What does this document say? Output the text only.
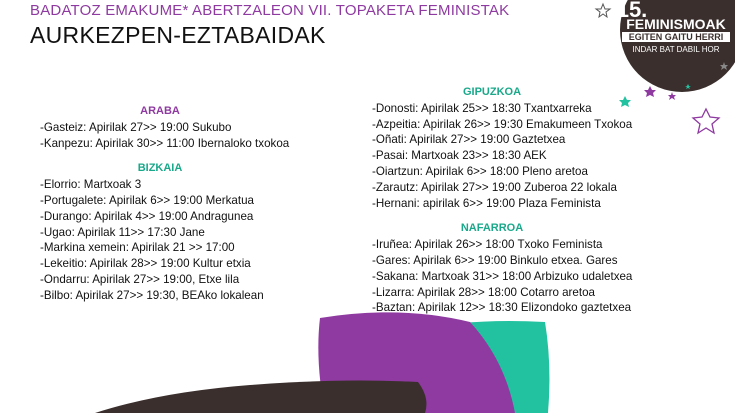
15.
FEMINISMOAK
EGITEN GAITU HERRI
INDAR BAT DABIL HOR
BADATOZ EMAKUME* ABERTZALEON VII. TOPAKETA FEMINISTAK
AURKEZPEN-EZTABAIDAK
ARABA
-Gasteiz: Apirilak 27>> 19:00 Sukubo
-Kanpezu: Apirilak 30>> 11:00 Ibernaloko txokoa
BIZKAIA
-Elorrio: Martxoak 3
-Portugalete: Apirilak 6>> 19:00 Merkatua
-Durango: Apirilak 4>> 19:00 Andragunea
-Ugao: Apirilak 11>> 17:30 Jane
-Markina xemein: Apirilak 21 >> 17:00
-Lekeitio: Apirilak 28>> 19:00 Kultur etxia
-Ondarru: Apirilak 27>> 19:00, Etxe lila
-Bilbo: Apirilak 27>> 19:30, BEAko lokalean
GIPUZKOA
-Donosti: Apirilak 25>> 18:30 Txantxarreka
-Azpeitia: Apirilak 26>> 19:30 Emakumeen Txokoa
-Oñati: Apirilak 27>> 19:00 Gaztetxea
-Pasai: Martxoak 23>> 18:30 AEK
-Oiartzun: Apirilak 6>> 18:00 Pleno aretoa
-Zarautz: Apirilak 27>> 19:00 Zuberoa 22 lokala
-Hernani: apirilak 6>> 19:00 Plaza Feminista
NAFARROA
-Iruñea: Apirilak 26>> 18:00 Txoko Feminista
-Gares: Apirilak 6>> 19:00 Binkulo etxea. Gares
-Sakana: Martxoak 31>> 18:00 Arbizuko udaletxea
-Lizarra: Apirilak 28>> 18:00 Cotarro aretoa
-Baztan: Apirilak 12>> 18:30 Elizondoko gaztetxea
